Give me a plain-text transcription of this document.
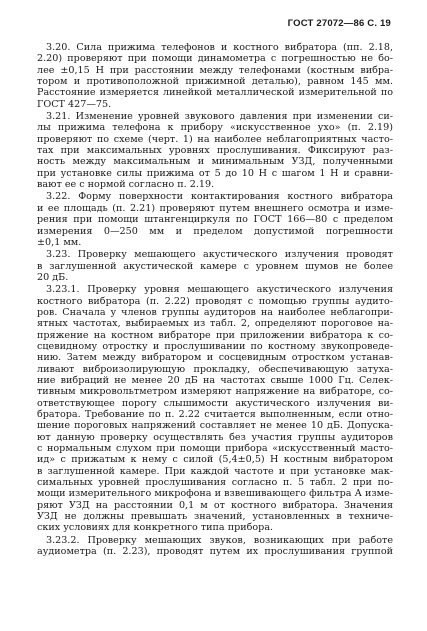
ГОСТ 27072—86 С. 19
3.20. Сила прижима телефонов и костного вибратора (пп. 2.18,
2.20) проверяют при помощи динамометра с погрешностью не бо-
лее ±0,15 Н при расстоянии между телефонами (костным вибра-
тором и противоположной прижимной деталью), равном 145 мм.
Расстояние измеряется линейкой металлической измерительной по
ГОСТ 427—75.
3.21. Изменение уровней звукового давления при изменении си-
лы прижима телефона к прибору «искусственное ухо» (п. 2.19)
проверяют по схеме (черт. 1) на наиболее неблагоприятных часто-
тах при максимальных уровнях прослушивания. Фиксируют раз-
ность между максимальным и минимальным УЗД, полученными
при установке силы прижима от 5 до 10 Н с шагом 1 Н и сравни-
вают ее с нормой согласно п. 2.19.
3.22. Форму поверхности контактирования костного вибратора
и ее площадь (п. 2.21) проверяют путем внешнего осмотра и изме-
рения при помощи штангенциркуля по ГОСТ 166—80 с пределом
измерения 0—250 мм и пределом допустимой погрешности
±0,1 мм.
3.23. Проверку мешающего акустического излучения проводят
в заглушенной акустической камере с уровнем шумов не более
20 дБ.
3.23.1. Проверку уровня мешающего акустического излучения
костного вибратора (п. 2.22) проводят с помощью группы аудито-
ров. Сначала у членов группы аудиторов на наиболее неблагопри-
ятных частотах, выбираемых из табл. 2, определяют пороговое на-
пряжение на костном вибраторе при приложении вибратора к со-
сцевидному отростку и прослушивании по костному звукопроведе-
нию. Затем между вибратором и сосцевидным отростком устанав-
ливают виброизолирующую прокладку, обеспечивающую затуха-
ние вибраций не менее 20 дБ на частотах свыше 1000 Гц. Селек-
тивным микровольтметром измеряют напряжение на вибраторе, со-
ответствующее порогу слышимости акустического излучения ви-
братора. Требование по п. 2.22 считается выполненным, если отно-
шение пороговых напряжений составляет не менее 10 дБ. Допуска-
ют данную проверку осуществлять без участия группы аудиторов
с нормальным слухом при помощи прибора «искусственный масто-
ид» с прижатым к нему с силой (5,4±0,5) Н костным вибратором
в заглушенной камере. При каждой частоте и при установке мак-
симальных уровней прослушивания согласно п. 5 табл. 2 при по-
мощи измерительного микрофона и взвешивающего фильтра А изме-
ряют УЗД на расстоянии 0,1 м от костного вибратора. Значения
УЗД не должны превышать значений, установленных в техниче-
ских условиях для конкретного типа прибора.
3.23.2. Проверку мешающих звуков, возникающих при работе
аудиометра (п. 2.23), проводят путем их прослушивания группой
